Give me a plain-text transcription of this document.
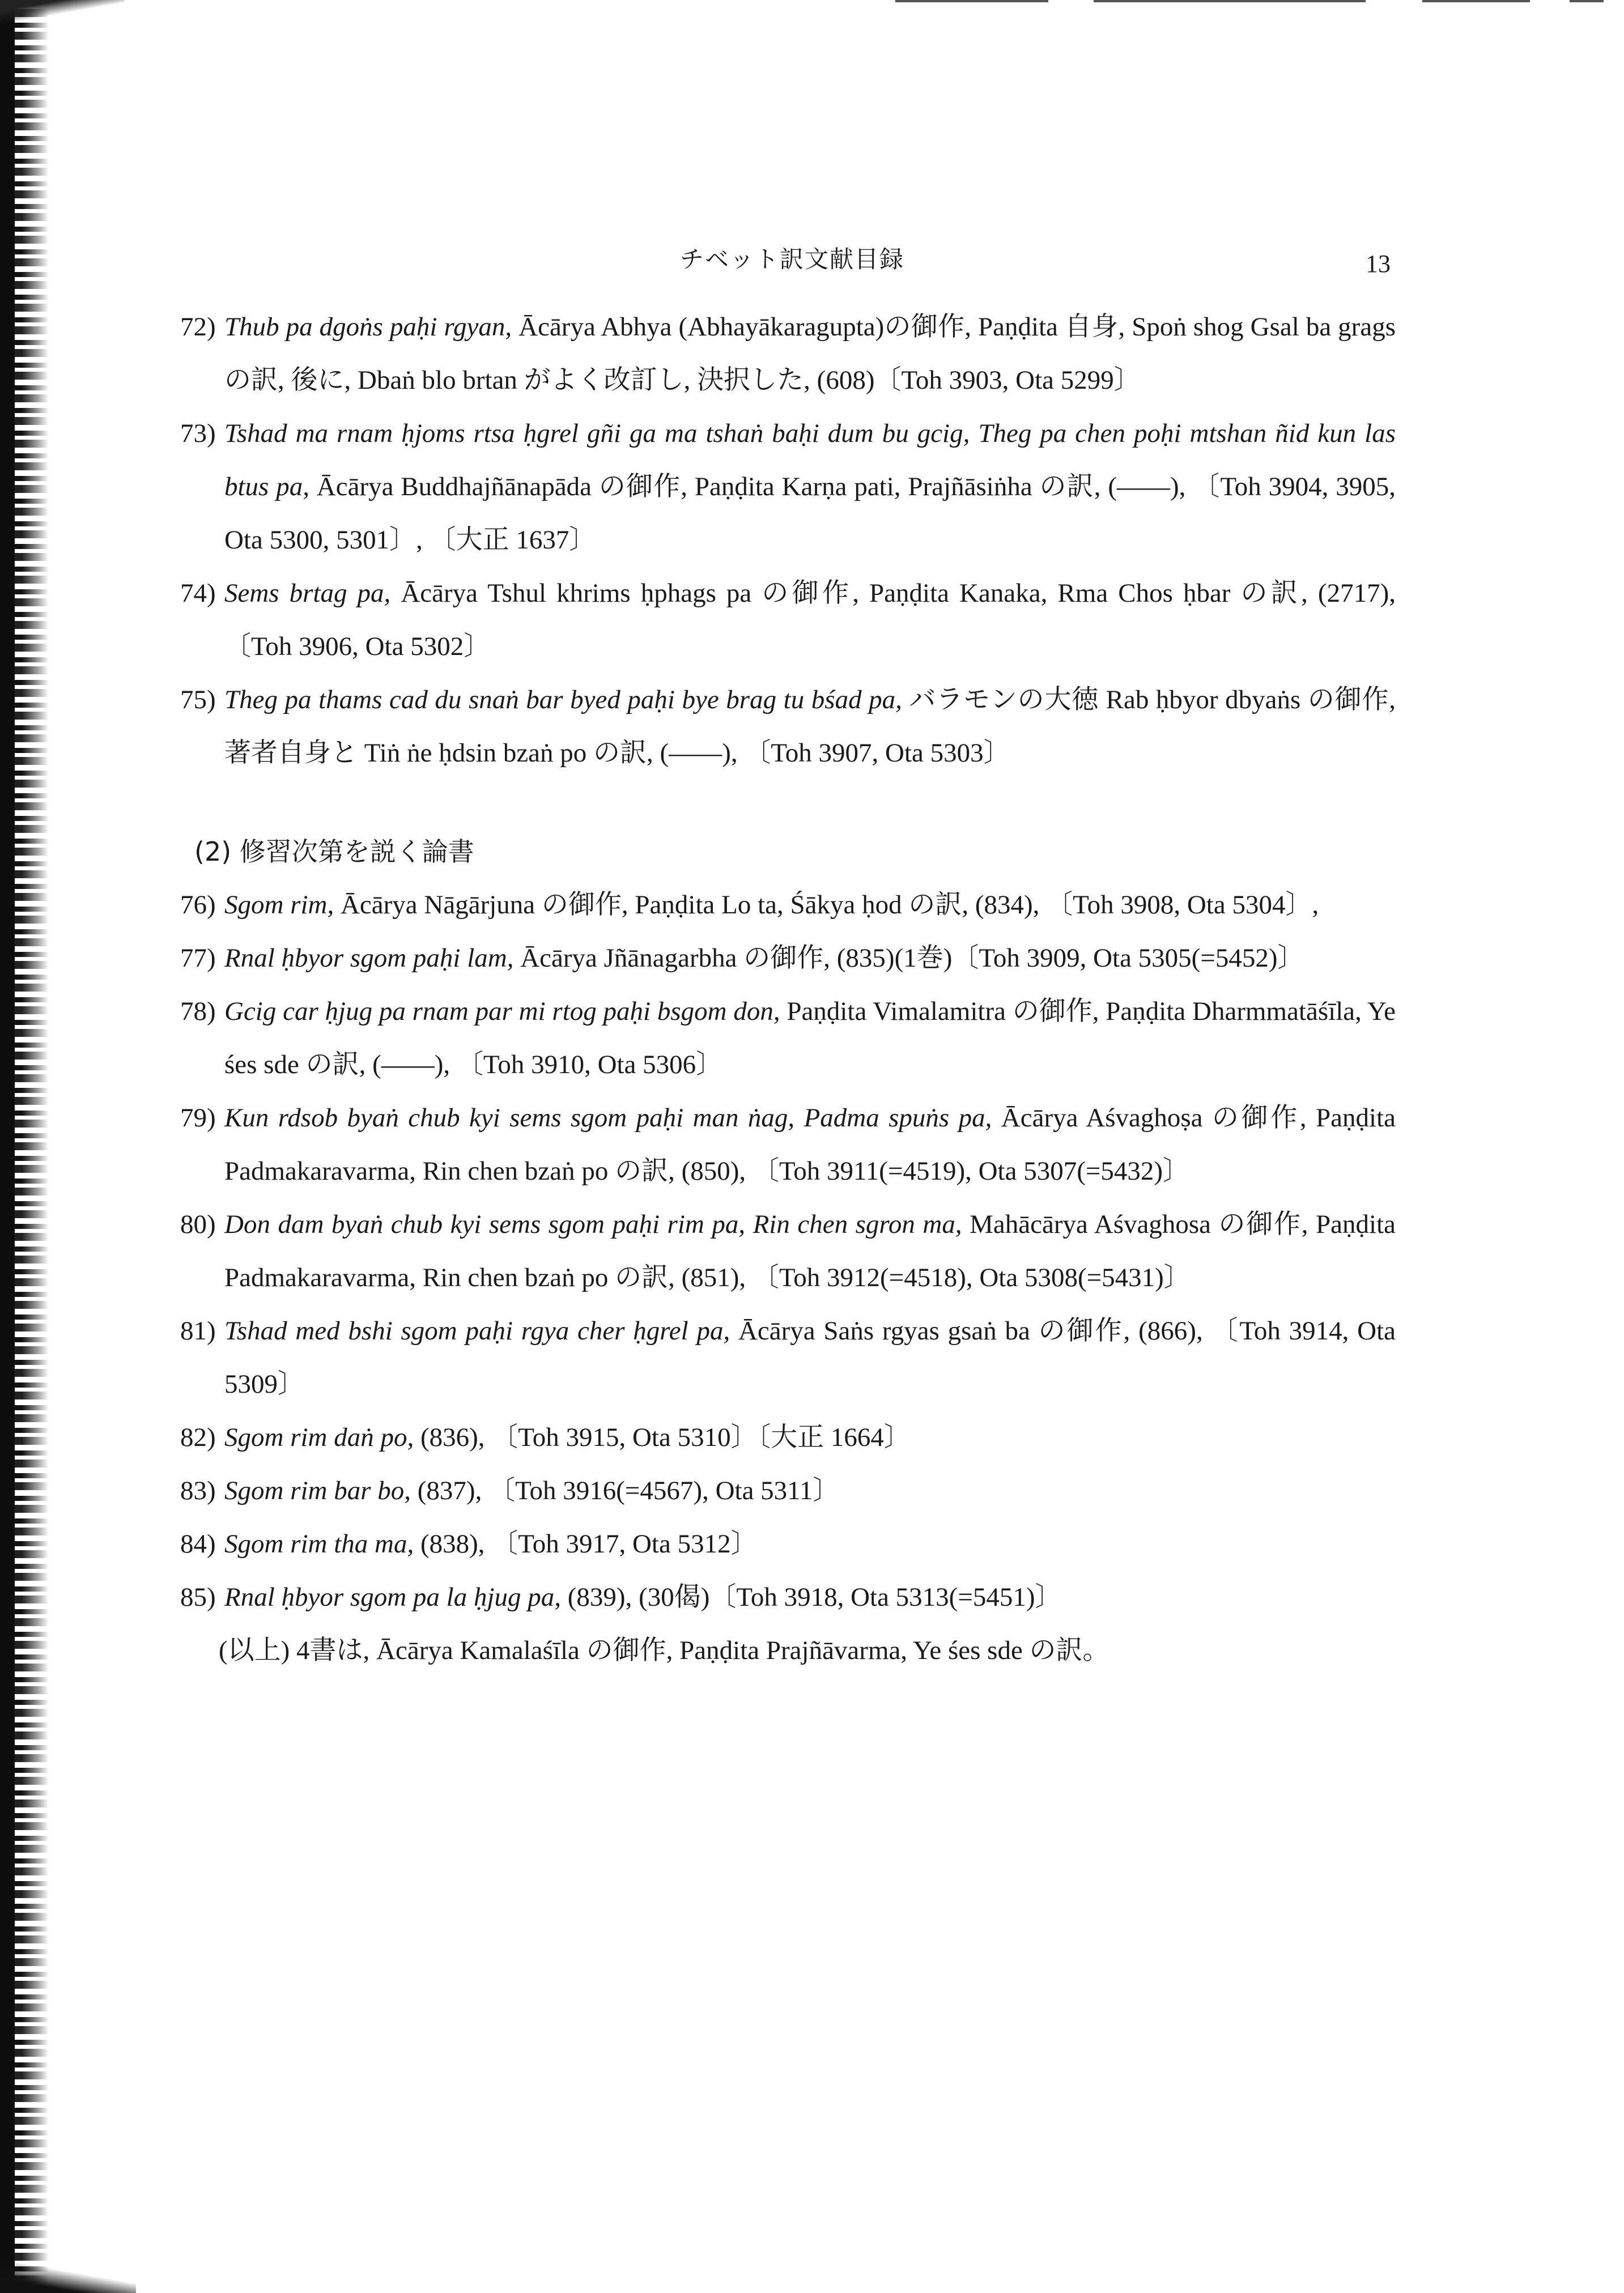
チベット訳文献目録	13
72) Thub pa dgoṅs paḥi rgyan, Ācārya Abhya (Abhayākaragupta)の御作, Paṇḍita 自身, Spoṅ shog Gsal ba grags の訳, 後に, Dbaṅ blo brtan がよく改訂し, 決択した, (608)〔Toh 3903, Ota 5299〕
73) Tshad ma rnam ḥjoms rtsa ḥgrel gñi ga ma tshaṅ baḥi dum bu gcig, Theg pa chen poḥi mtshan ñid kun las btus pa, Ācārya Buddhajñānapāda の御作, Paṇḍita Karṇa pati, Prajñāsiṅha の訳, (——), 〔Toh 3904, 3905, Ota 5300, 5301〕, 〔大正 1637〕
74) Sems brtag pa, Ācārya Tshul khrims ḥphags pa の御作, Paṇḍita Kanaka, Rma Chos ḥbar の訳, (2717), 〔Toh 3906, Ota 5302〕
75) Theg pa thams cad du snaṅ bar byed paḥi bye brag tu bśad pa, バラモンの大徳 Rab ḥbyor dbyaṅs の御作, 著者自身と Tiṅ ṅe ḥdsin bzaṅ po の訳, (——), 〔Toh 3907, Ota 5303〕
(2) 修習次第を説く論書
76) Sgom rim, Ācārya Nāgārjuna の御作, Paṇḍita Lo ta, Śākya ḥod の訳, (834), 〔Toh 3908, Ota 5304〕,
77) Rnal ḥbyor sgom paḥi lam, Ācārya Jñānagarbha の御作, (835)(1巻)〔Toh 3909, Ota 5305(=5452)〕
78) Gcig car ḥjug pa rnam par mi rtog paḥi bsgom don, Paṇḍita Vimalamitra の御作, Paṇḍita Dharmmatāśīla, Ye śes sde の訳, (——), 〔Toh 3910, Ota 5306〕
79) Kun rdsob byaṅ chub kyi sems sgom paḥi man ṅag, Padma spuṅs pa, Ācārya Aśvaghoṣa の御作, Paṇḍita Padmakaravarma, Rin chen bzaṅ po の訳, (850), 〔Toh 3911(=4519), Ota 5307(=5432)〕
80) Don dam byaṅ chub kyi sems sgom paḥi rim pa, Rin chen sgron ma, Mahācārya Aśvaghosa の御作, Paṇḍita Padmakaravarma, Rin chen bzaṅ po の訳, (851), 〔Toh 3912(=4518), Ota 5308(=5431)〕
81) Tshad med bshi sgom paḥi rgya cher ḥgrel pa, Ācārya Saṅs rgyas gsaṅ ba の御作, (866), 〔Toh 3914, Ota 5309〕
82) Sgom rim daṅ po, (836), 〔Toh 3915, Ota 5310〕〔大正 1664〕
83) Sgom rim bar bo, (837), 〔Toh 3916(=4567), Ota 5311〕
84) Sgom rim tha ma, (838), 〔Toh 3917, Ota 5312〕
85) Rnal ḥbyor sgom pa la ḥjug pa, (839), (30偈)〔Toh 3918, Ota 5313(=5451)〕
(以上) 4書は, Ācārya Kamalaśīla の御作, Paṇḍita Prajñāvarma, Ye śes sde の訳。
